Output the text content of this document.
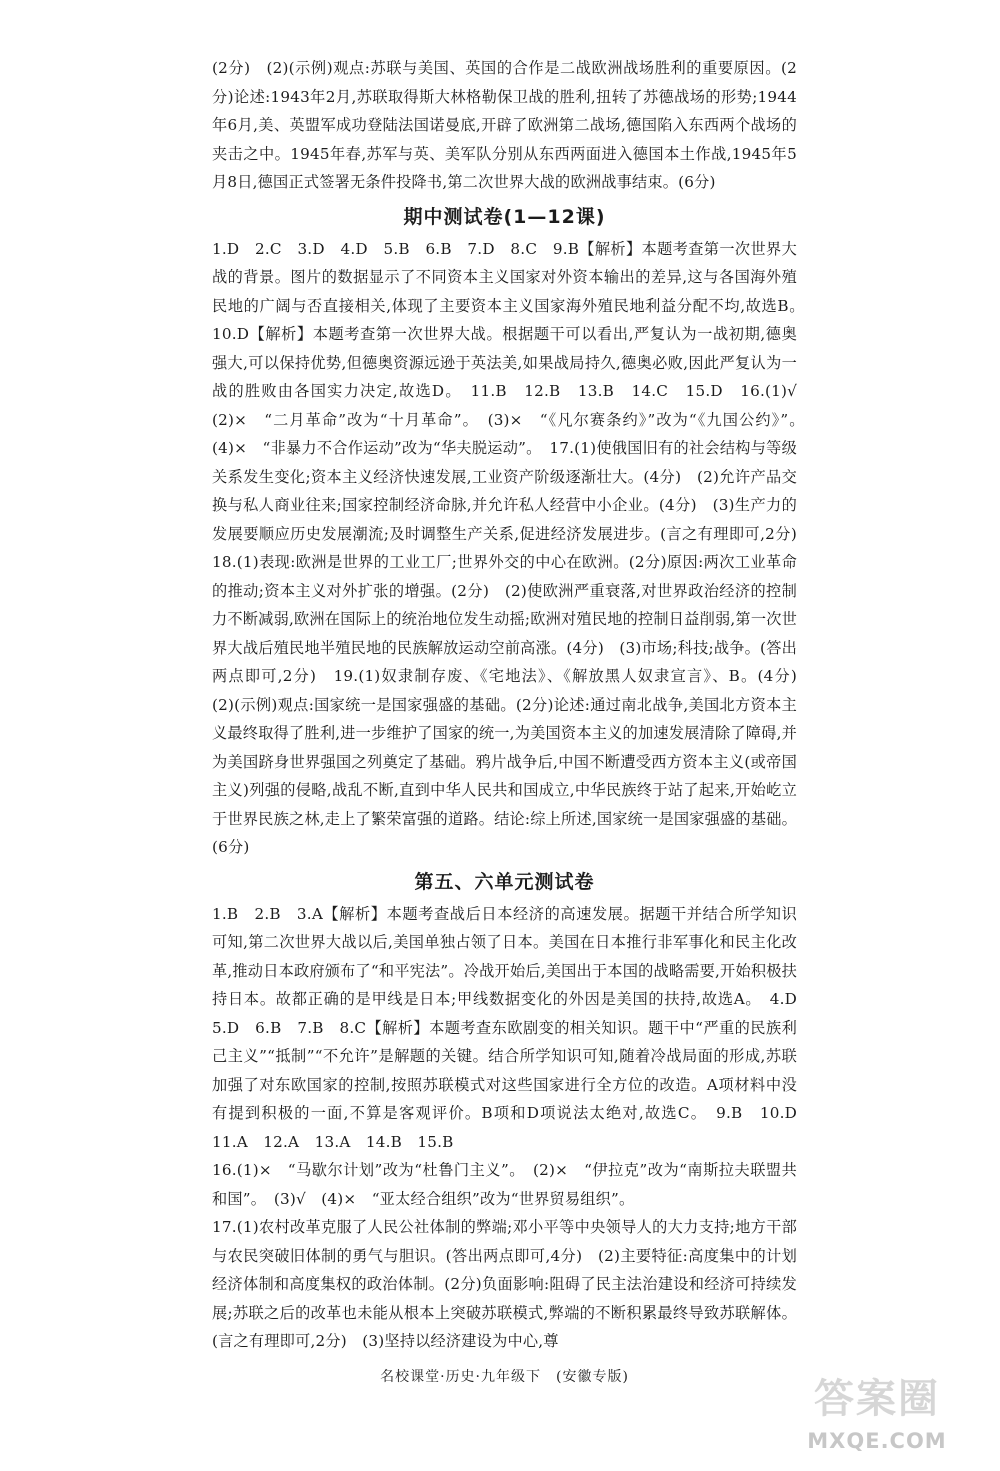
(2分)　(2)(示例)观点:苏联与美国、英国的合作是二战欧洲战场胜利的重要原因。(2分)论述:1943年2月,苏联取得斯大林格勒保卫战的胜利,扭转了苏德战场的形势;1944年6月,美、英盟军成功登陆法国诺曼底,开辟了欧洲第二战场,德国陷入东西两个战场的夹击之中。1945年春,苏军与英、美军队分别从东西两面进入德国本土作战,1945年5月8日,德国正式签署无条件投降书,第二次世界大战的欧洲战事结束。(6分)

期中测试卷(1—12课)

1.D　2.C　3.D　4.D　5.B　6.B　7.D　8.C　9.B【解析】本题考查第一次世界大战的背景。图片的数据显示了不同资本主义国家对外资本输出的差异,这与各国海外殖民地的广阔与否直接相关,体现了主要资本主义国家海外殖民地利益分配不均,故选B。　10.D【解析】本题考查第一次世界大战。根据题干可以看出,严复认为一战初期,德奥强大,可以保持优势,但德奥资源远逊于英法美,如果战局持久,德奥必败,因此严复认为一战的胜败由各国实力决定,故选D。　11.B　12.B　13.B　14.C　15.D　16.(1)√　(2)×　“二月革命”改为“十月革命”。　(3)×　“《凡尔赛条约》”改为“《九国公约》”。　(4)×　“非暴力不合作运动”改为“华夫脱运动”。　17.(1)使俄国旧有的社会结构与等级关系发生变化;资本主义经济快速发展,工业资产阶级逐渐壮大。(4分)　(2)允许产品交换与私人商业往来;国家控制经济命脉,并允许私人经营中小企业。(4分)　(3)生产力的发展要顺应历史发展潮流;及时调整生产关系,促进经济发展进步。(言之有理即可,2分)　18.(1)表现:欧洲是世界的工业工厂;世界外交的中心在欧洲。(2分)原因:两次工业革命的推动;资本主义对外扩张的增强。(2分)　(2)使欧洲严重衰落,对世界政治经济的控制力不断减弱,欧洲在国际上的统治地位发生动摇;欧洲对殖民地的控制日益削弱,第一次世界大战后殖民地半殖民地的民族解放运动空前高涨。(4分)　(3)市场;科技;战争。(答出两点即可,2分)　19.(1)奴隶制存废、《宅地法》、《解放黑人奴隶宣言》、B。(4分)　(2)(示例)观点:国家统一是国家强盛的基础。(2分)论述:通过南北战争,美国北方资本主义最终取得了胜利,进一步维护了国家的统一,为美国资本主义的加速发展清除了障碍,并为美国跻身世界强国之列奠定了基础。鸦片战争后,中国不断遭受西方资本主义(或帝国主义)列强的侵略,战乱不断,直到中华人民共和国成立,中华民族终于站了起来,开始屹立于世界民族之林,走上了繁荣富强的道路。结论:综上所述,国家统一是国家强盛的基础。(6分)

第五、六单元测试卷

1.B　2.B　3.A【解析】本题考查战后日本经济的高速发展。据题干并结合所学知识可知,第二次世界大战以后,美国单独占领了日本。美国在日本推行非军事化和民主化改革,推动日本政府颁布了“和平宪法”。冷战开始后,美国出于本国的战略需要,开始积极扶持日本。故都正确的是甲线是日本;甲线数据变化的外因是美国的扶持,故选A。　4.D　5.D　6.B　7.B　8.C【解析】本题考查东欧剧变的相关知识。题干中“严重的民族利己主义”“抵制”“不允许”是解题的关键。结合所学知识可知,随着冷战局面的形成,苏联加强了对东欧国家的控制,按照苏联模式对这些国家进行全方位的改造。A项材料中没有提到积极的一面,不算是客观评价。B项和D项说法太绝对,故选C。　9.B　10.D　11.A　12.A　13.A　14.B　15.B

16.(1)×　“马歇尔计划”改为“杜鲁门主义”。　(2)×　“伊拉克”改为“南斯拉夫联盟共和国”。　(3)√　(4)×　“亚太经合组织”改为“世界贸易组织”。

17.(1)农村改革克服了人民公社体制的弊端;邓小平等中央领导人的大力支持;地方干部与农民突破旧体制的勇气与胆识。(答出两点即可,4分)　(2)主要特征:高度集中的计划经济体制和高度集权的政治体制。(2分)负面影响:阻碍了民主法治建设和经济可持续发展;苏联之后的改革也未能从根本上突破苏联模式,弊端的不断积累最终导致苏联解体。(言之有理即可,2分)　(3)坚持以经济建设为中心,尊

名校课堂·历史·九年级下　(安徽专版)	答案圈
MXQE.COM
